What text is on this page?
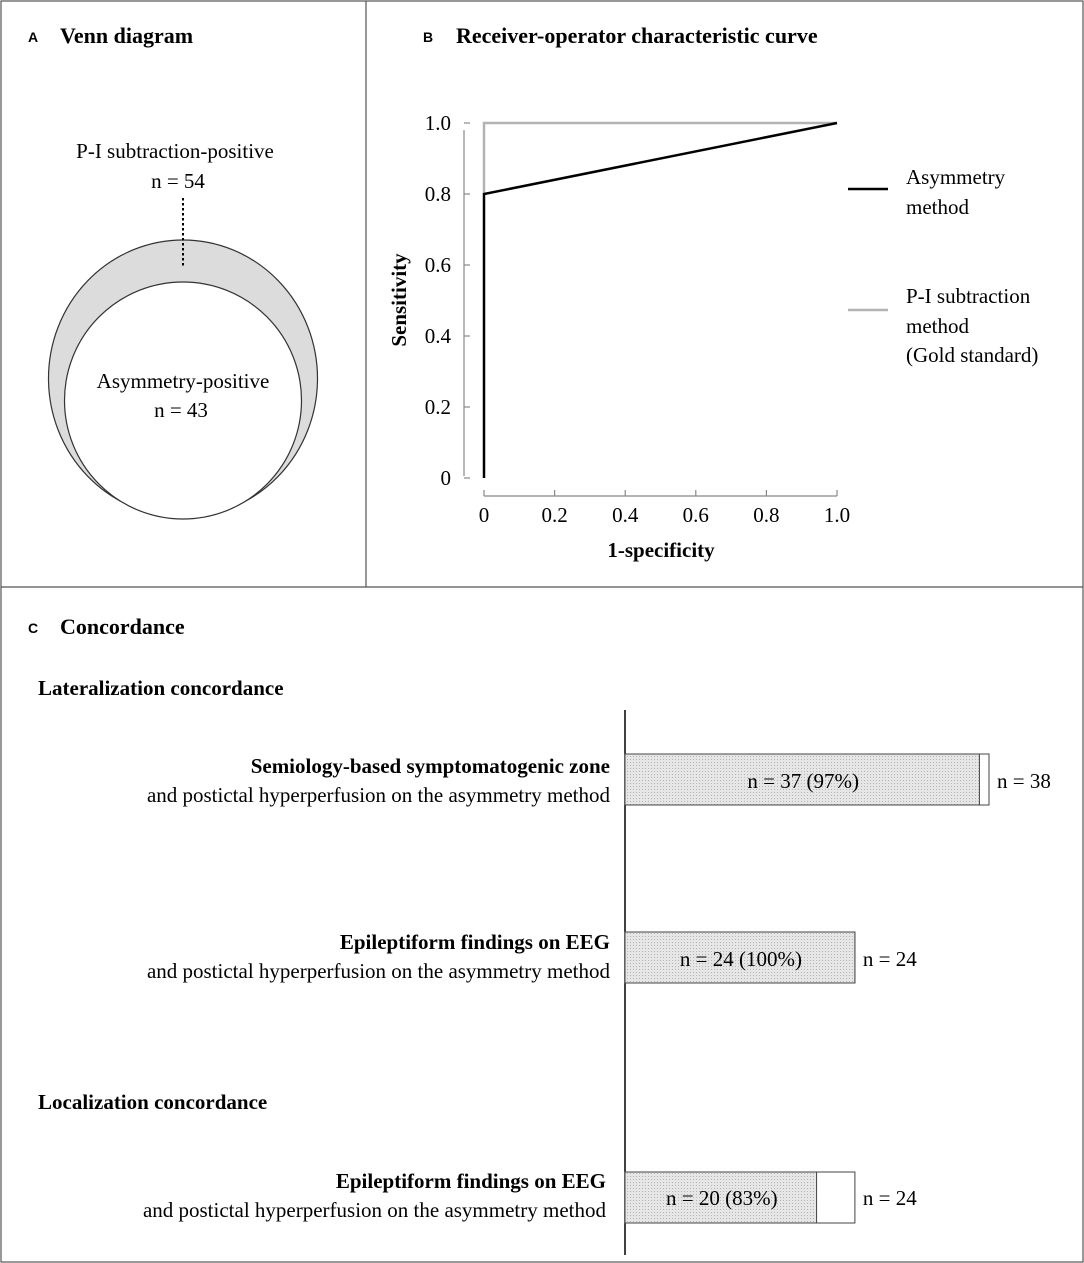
A Venn diagram
P-I subtraction-positive
n = 54
Asymmetry-positive
n = 43
B Receiver-operator characteristic curve
0
0.2
0.4
0.6
0.8
1.0
0 0.2 0.4 0.6 0.8 1.0
Sensitivity
1-specificity
Asymmetry
method
P-I subtraction
method
(Gold standard)
C Concordance
Lateralization concordance
Localization concordance
Semiology-based symptomatogenic zone
and postictal hyperperfusion on the asymmetry method
n = 37 (97%)	n = 38
Epileptiform findings on EEG
and postictal hyperperfusion on the asymmetry method	n = 24 (100%)	n = 24
Epileptiform findings on EEG
and postictal hyperperfusion on the asymmetry method	n = 20 (83%)	n = 24
